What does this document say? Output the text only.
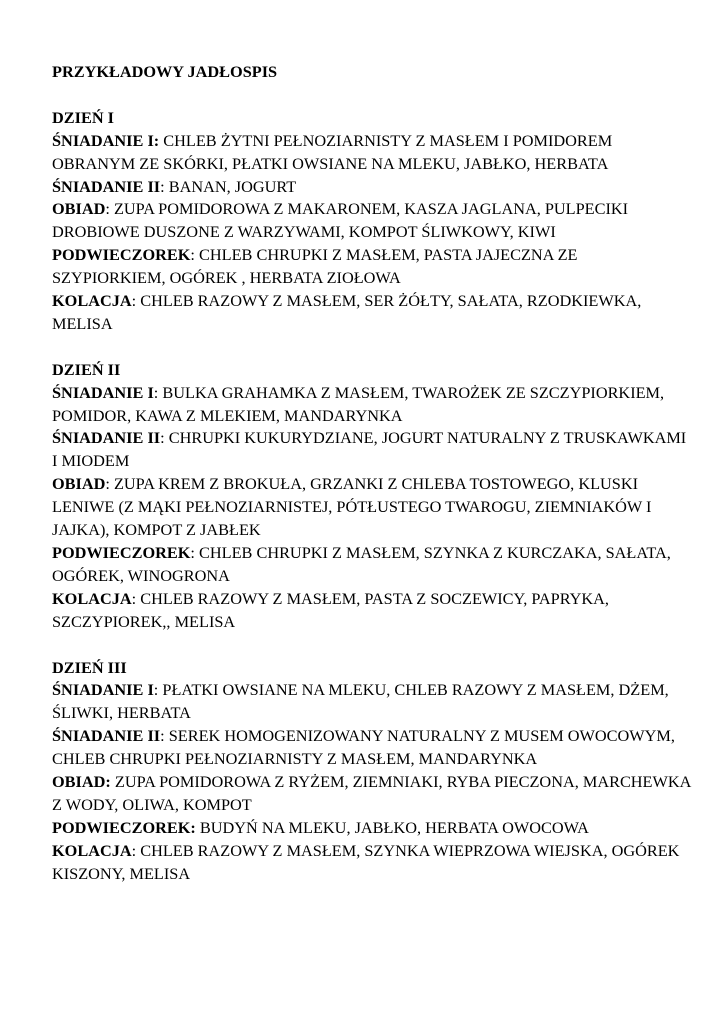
PRZYKŁADOWY JADŁOSPIS

DZIEŃ I

ŚNIADANIE I: CHLEB ŻYTNI PEŁNOZIARNISTY Z MASŁEM I POMIDOREM OBRANYM ZE SKÓRKI, PŁATKI OWSIANE NA MLEKU, JABŁKO, HERBATA

ŚNIADANIE II: BANAN, JOGURT

OBIAD: ZUPA POMIDOROWA Z MAKARONEM, KASZA JAGLANA, PULPECIKI DROBIOWE DUSZONE Z WARZYWAMI, KOMPOT ŚLIWKOWY, KIWI

PODWIECZOREK: CHLEB CHRUPKI Z MASŁEM, PASTA JAJECZNA ZE SZYPIORKIEM, OGÓREK , HERBATA ZIOŁOWA

KOLACJA: CHLEB RAZOWY Z MASŁEM, SER ŻÓŁTY, SAŁATA, RZODKIEWKA, MELISA

DZIEŃ II

ŚNIADANIE I: BULKA GRAHAMKA Z MASŁEM, TWAROŻEK ZE SZCZYPIORKIEM, POMIDOR, KAWA Z MLEKIEM, MANDARYNKA

ŚNIADANIE II: CHRUPKI KUKURYDZIANE, JOGURT NATURALNY Z TRUSKAWKAMI I MIODEM

OBIAD: ZUPA KREM Z BROKUŁA, GRZANKI Z CHLEBA TOSTOWEGO, KLUSKI LENIWE (Z MĄKI PEŁNOZIARNISTEJ, PÓTŁUSTEGO TWAROGU, ZIEMNIAKÓW I JAJKA), KOMPOT Z JABŁEK

PODWIECZOREK: CHLEB CHRUPKI Z MASŁEM, SZYNKA Z KURCZAKA, SAŁATA, OGÓREK, WINOGRONA

KOLACJA: CHLEB RAZOWY Z MASŁEM, PASTA Z SOCZEWICY, PAPRYKA, SZCZYPIOREK,, MELISA

DZIEŃ III

ŚNIADANIE I: PŁATKI OWSIANE NA MLEKU, CHLEB RAZOWY Z MASŁEM, DŻEM, ŚLIWKI, HERBATA

ŚNIADANIE II: SEREK HOMOGENIZOWANY NATURALNY Z MUSEM OWOCOWYM, CHLEB CHRUPKI PEŁNOZIARNISTY Z MASŁEM, MANDARYNKA

OBIAD: ZUPA POMIDOROWA Z RYŻEM, ZIEMNIAKI, RYBA PIECZONA, MARCHEWKA Z WODY, OLIWA, KOMPOT

PODWIECZOREK: BUDYŃ NA MLEKU, JABŁKO, HERBATA OWOCOWA

KOLACJA: CHLEB RAZOWY Z MASŁEM, SZYNKA WIEPRZOWA WIEJSKA, OGÓREK KISZONY, MELISA
